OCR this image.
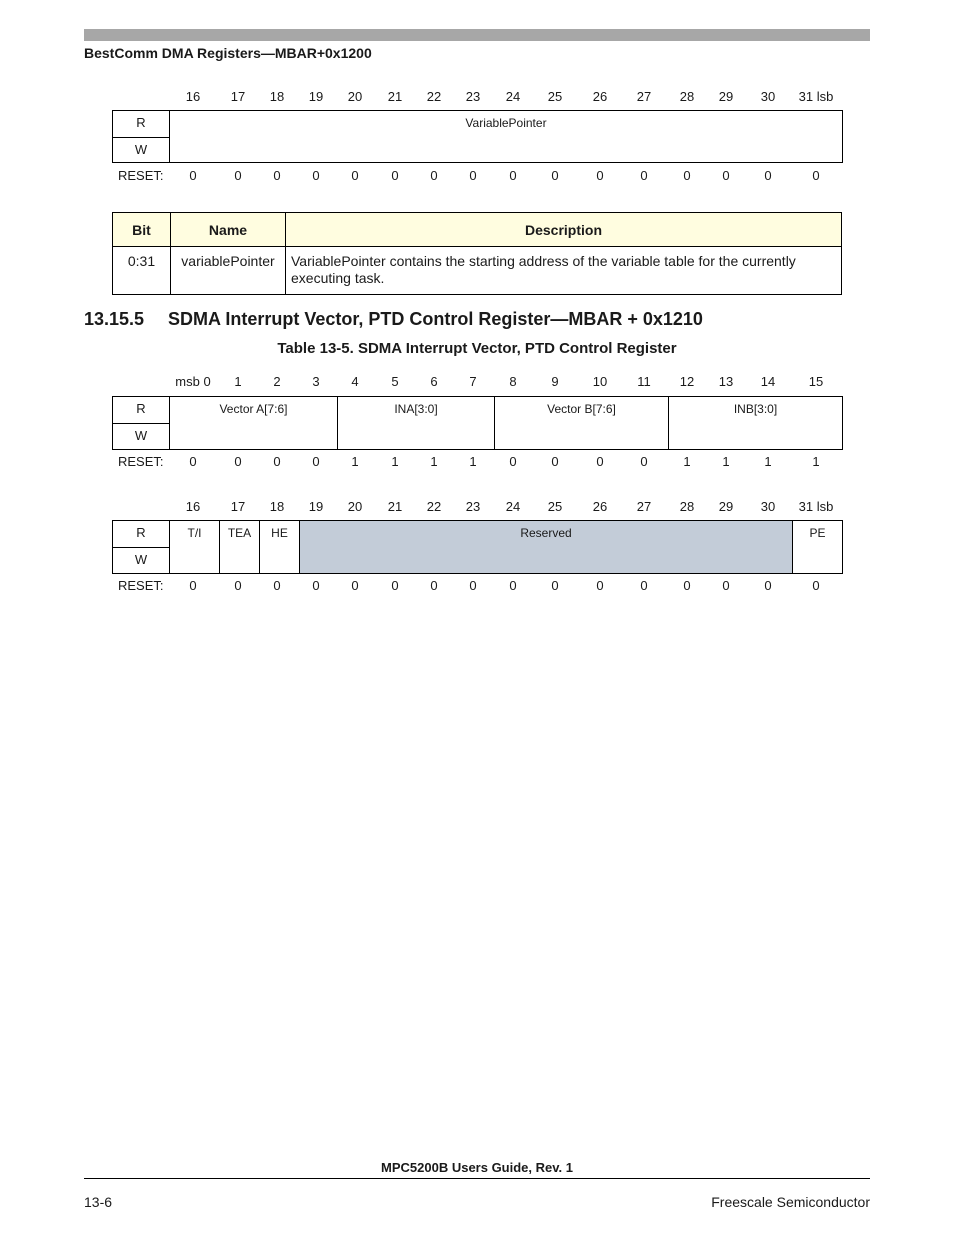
BestComm DMA Registers—MBAR+0x1200
16	17	18	19	20	21	22	23	24	25	26	27	28	29	30	31 lsb
R
W
VariablePointer
RESET:	0	0	0	0	0	0	0	0	0	0	0	0	0	0	0	0
Bit	Name	Description
0:31	variablePointer	VariablePointer contains the starting address of the variable table for the currently executing task.
13.15.5 SDMA Interrupt Vector, PTD Control Register—MBAR + 0x1210
Table 13-5. SDMA Interrupt Vector, PTD Control Register
msb 0	1	2	3	4	5	6	7	8	9	10	11	12	13	14	15
R
W
Vector A[7:6]	INA[3:0]	Vector B[7:6]	INB[3:0]
RESET:	0	0	0	0	1	1	1	1	0	0	0	0	1	1	1	1
16	17	18	19	20	21	22	23	24	25	26	27	28	29	30	31 lsb
R
W
T/I	TEA	HE	Reserved	PE
RESET:	0	0	0	0	0	0	0	0	0	0	0	0	0	0	0	0
MPC5200B Users Guide, Rev. 1
13-6	Freescale Semiconductor
